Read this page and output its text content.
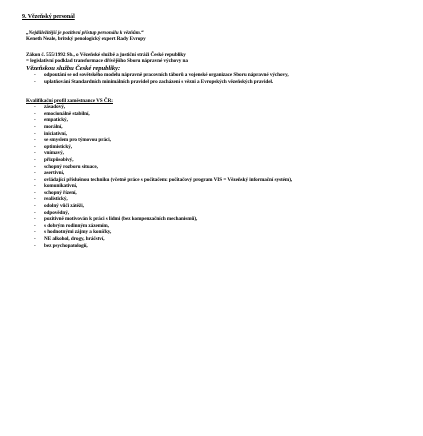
9. Vězeňský personál
„Nejdůležitější je pozitivní přístup personálu k vězňům.“
Keneth Neale, britský penologický expert Rady Evropy
Zákon č. 555/1992 Sb., o Vězeňské službě a justiční stráži České republiky
= legislativní podklad transformace dřívějšího Sboru nápravné výchovy na
Vězeňskou službu České republiky:
- odpoutání se od sovětského modelu nápravně pracovních táborů a vojenské organizace Sboru nápravné výchovy,
- uplatňování Standardních minimálních pravidel pro zacházení s vězni a Evropských vězeňských pravidel.
Kvalifikační profil zaměstnance VS ČR:
- zásadový,
- emocionálně stabilní,
- empatický,
- morální,
- iniciativní,
- se smyslem pro týmovou práci,
- optimistický,
- vnímavý,
- přizpůsobivý,
- schopný rozboru situace,
- asertivní,
- ovládající příslušnou techniku (včetně práce s počítačem: počítačový program VIS = Vězeňský informační systém),
- komunikativní,
- schopný řízení,
- realistický,
- odolný vůči zátěži,
- odpovědný,
- pozitivně motivován k práci s lidmi (bez kompenzačních mechanismů),
- s dobrým rodinným zázemím,
- s hodnotnými zájmy a koníčky,
- NE alkohol, drogy, hráčství,
- bez psychopatologií,
